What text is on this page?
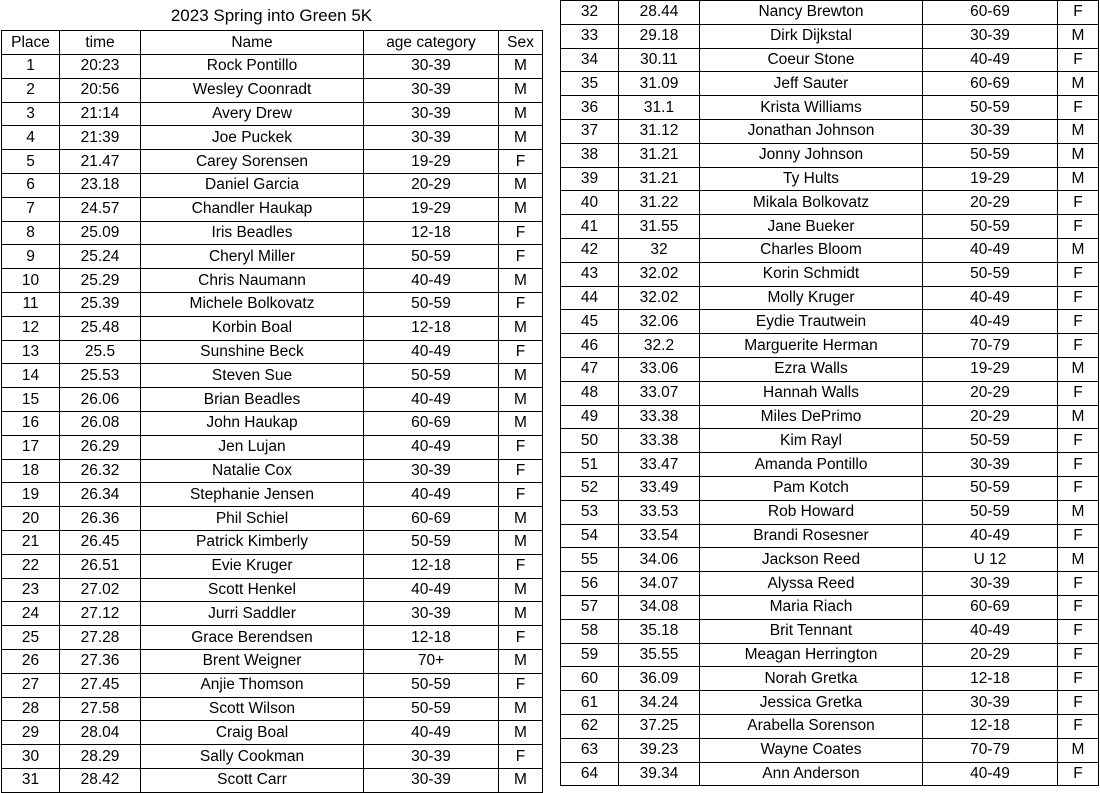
2023 Spring into Green 5K
Place	time	Name	age category	Sex
1	20:23	Rock Pontillo	30-39	M
2	20:56	Wesley Coonradt	30-39	M
3	21:14	Avery Drew	30-39	M
4	21:39	Joe Puckek	30-39	M
5	21.47	Carey Sorensen	19-29	F
6	23.18	Daniel Garcia	20-29	M
7	24.57	Chandler Haukap	19-29	M
8	25.09	Iris Beadles	12-18	F
9	25.24	Cheryl Miller	50-59	F
10	25.29	Chris Naumann	40-49	M
11	25.39	Michele Bolkovatz	50-59	F
12	25.48	Korbin Boal	12-18	M
13	25.5	Sunshine Beck	40-49	F
14	25.53	Steven Sue	50-59	M
15	26.06	Brian Beadles	40-49	M
16	26.08	John Haukap	60-69	M
17	26.29	Jen Lujan	40-49	F
18	26.32	Natalie Cox	30-39	F
19	26.34	Stephanie Jensen	40-49	F
20	26.36	Phil Schiel	60-69	M
21	26.45	Patrick Kimberly	50-59	M
22	26.51	Evie Kruger	12-18	F
23	27.02	Scott Henkel	40-49	M
24	27.12	Jurri Saddler	30-39	M
25	27.28	Grace Berendsen	12-18	F
26	27.36	Brent Weigner	70+	M
27	27.45	Anjie Thomson	50-59	F
28	27.58	Scott Wilson	50-59	M
29	28.04	Craig Boal	40-49	M
30	28.29	Sally Cookman	30-39	F
31	28.42	Scott Carr	30-39	M
32	28.44	Nancy Brewton	60-69	F
33	29.18	Dirk Dijkstal	30-39	M
34	30.11	Coeur Stone	40-49	F
35	31.09	Jeff Sauter	60-69	M
36	31.1	Krista Williams	50-59	F
37	31.12	Jonathan Johnson	30-39	M
38	31.21	Jonny Johnson	50-59	M
39	31.21	Ty Hults	19-29	M
40	31.22	Mikala Bolkovatz	20-29	F
41	31.55	Jane Bueker	50-59	F
42	32	Charles Bloom	40-49	M
43	32.02	Korin Schmidt	50-59	F
44	32.02	Molly Kruger	40-49	F
45	32.06	Eydie Trautwein	40-49	F
46	32.2	Marguerite Herman	70-79	F
47	33.06	Ezra Walls	19-29	M
48	33.07	Hannah Walls	20-29	F
49	33.38	Miles DePrimo	20-29	M
50	33.38	Kim Rayl	50-59	F
51	33.47	Amanda Pontillo	30-39	F
52	33.49	Pam Kotch	50-59	F
53	33.53	Rob Howard	50-59	M
54	33.54	Brandi Rosesner	40-49	F
55	34.06	Jackson Reed	U 12	M
56	34.07	Alyssa Reed	30-39	F
57	34.08	Maria Riach	60-69	F
58	35.18	Brit Tennant	40-49	F
59	35.55	Meagan Herrington	20-29	F
60	36.09	Norah Gretka	12-18	F
61	34.24	Jessica Gretka	30-39	F
62	37.25	Arabella Sorenson	12-18	F
63	39.23	Wayne Coates	70-79	M
64	39.34	Ann Anderson	40-49	F
